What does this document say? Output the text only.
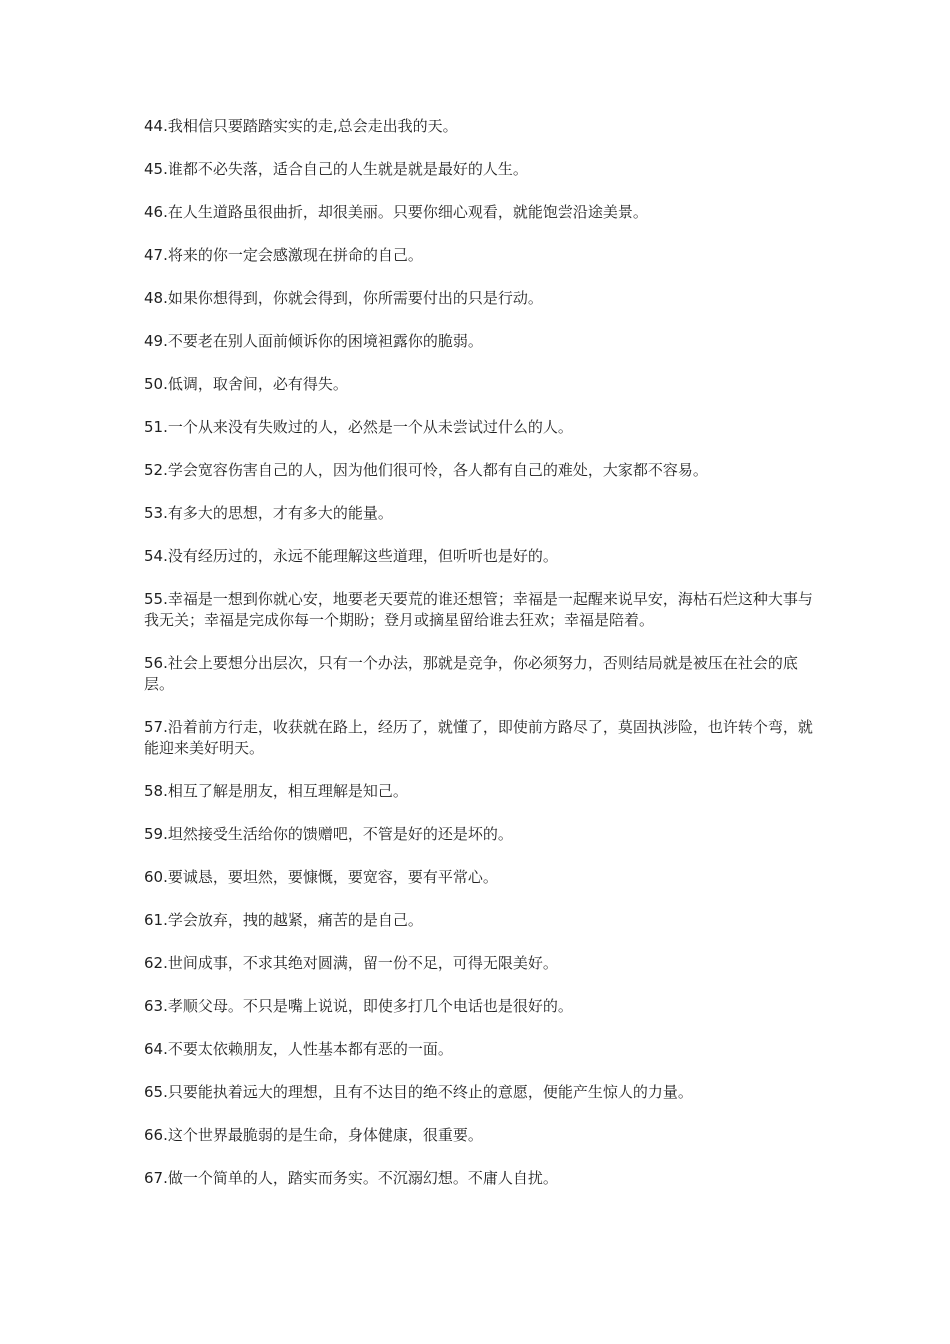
44.我相信只要踏踏实实的走,总会走出我的天。

45.谁都不必失落，适合自己的人生就是就是最好的人生。

46.在人生道路虽很曲折，却很美丽。只要你细心观看，就能饱尝沿途美景。

47.将来的你一定会感激现在拼命的自己。

48.如果你想得到，你就会得到，你所需要付出的只是行动。

49.不要老在别人面前倾诉你的困境袒露你的脆弱。

50.低调，取舍间，必有得失。

51.一个从来没有失败过的人，必然是一个从未尝试过什么的人。

52.学会宽容伤害自己的人，因为他们很可怜，各人都有自己的难处，大家都不容易。

53.有多大的思想，才有多大的能量。

54.没有经历过的，永远不能理解这些道理，但听听也是好的。

55.幸福是一想到你就心安，地要老天要荒的谁还想管；幸福是一起醒来说早安，海枯石烂这种大事与我无关；幸福是完成你每一个期盼；登月或摘星留给谁去狂欢；幸福是陪着。

56.社会上要想分出层次，只有一个办法，那就是竞争，你必须努力，否则结局就是被压在社会的底层。

57.沿着前方行走，收获就在路上，经历了，就懂了，即使前方路尽了，莫固执涉险，也许转个弯，就能迎来美好明天。

58.相互了解是朋友，相互理解是知己。

59.坦然接受生活给你的馈赠吧，不管是好的还是坏的。

60.要诚恳，要坦然，要慷慨，要宽容，要有平常心。

61.学会放弃，拽的越紧，痛苦的是自己。

62.世间成事，不求其绝对圆满，留一份不足，可得无限美好。

63.孝顺父母。不只是嘴上说说，即使多打几个电话也是很好的。

64.不要太依赖朋友，人性基本都有恶的一面。

65.只要能执着远大的理想，且有不达目的绝不终止的意愿，便能产生惊人的力量。

66.这个世界最脆弱的是生命，身体健康，很重要。

67.做一个简单的人，踏实而务实。不沉溺幻想。不庸人自扰。
